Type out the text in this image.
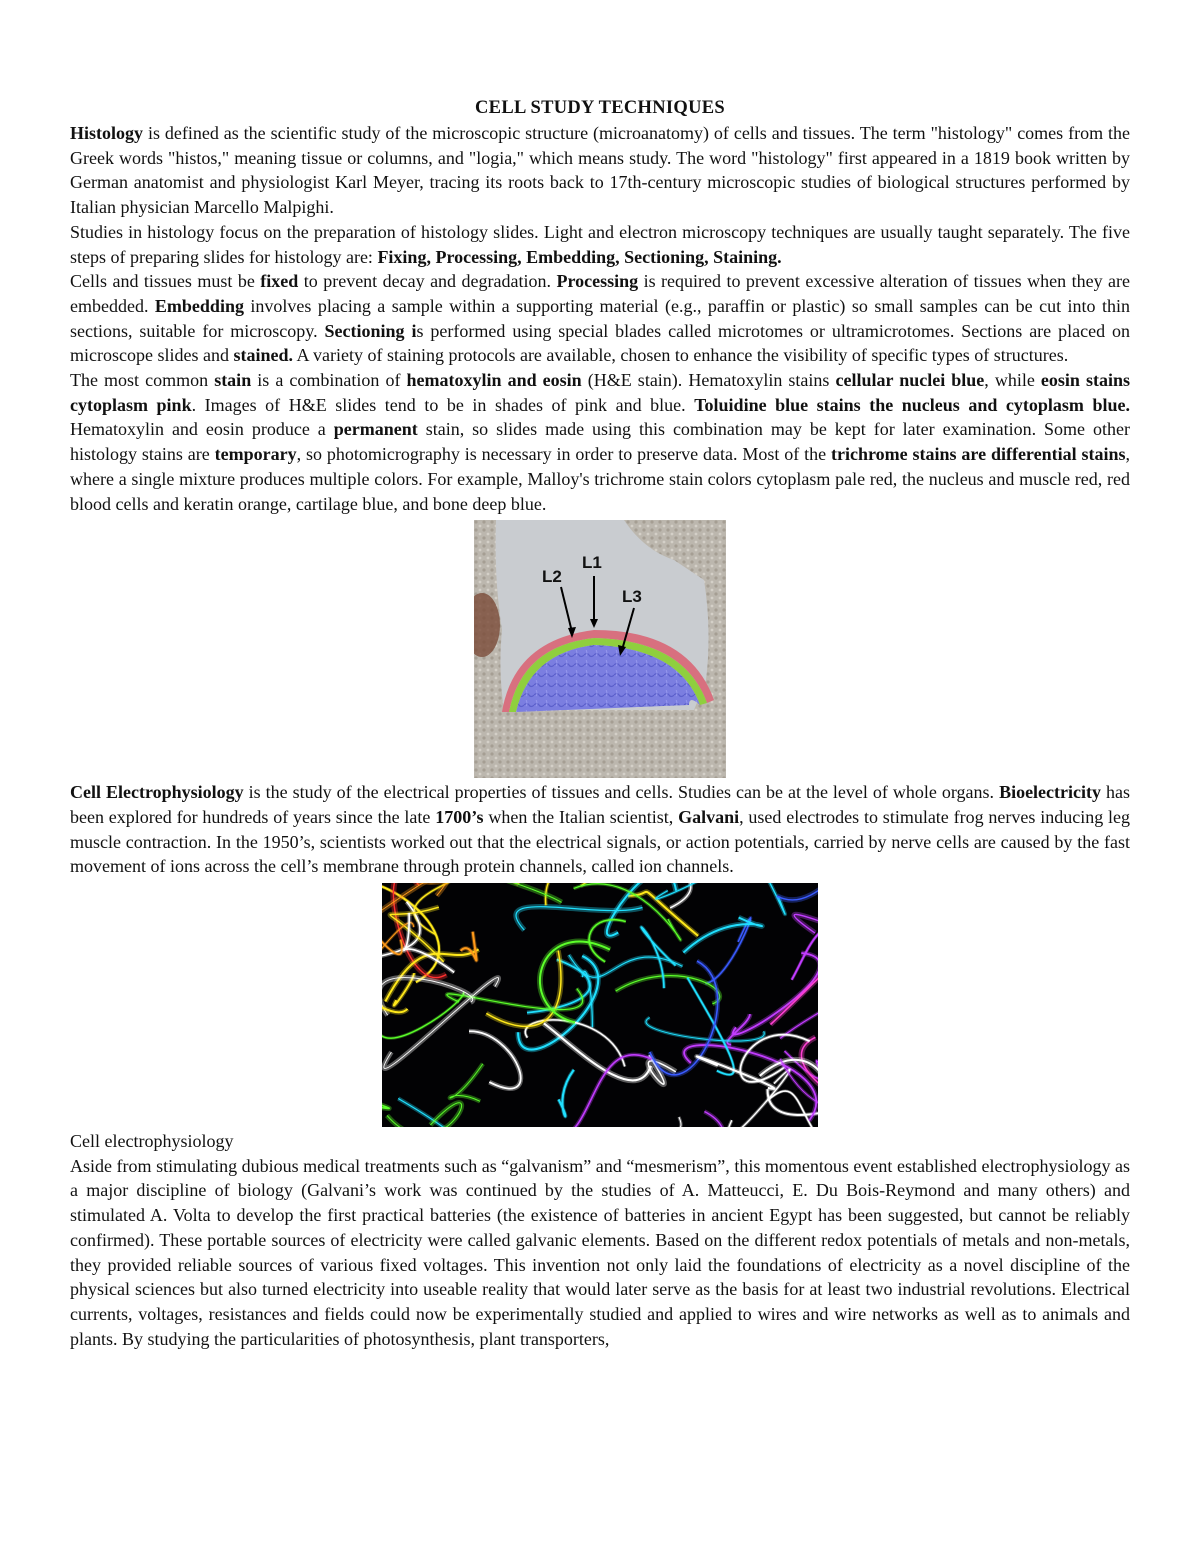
CELL STUDY TECHNIQUES

Histology is defined as the scientific study of the microscopic structure (microanatomy) of cells and tissues. The term "histology" comes from the Greek words "histos," meaning tissue or columns, and "logia," which means study. The word "histology" first appeared in a 1819 book written by German anatomist and physiologist Karl Meyer, tracing its roots back to 17th-century microscopic studies of biological structures performed by Italian physician Marcello Malpighi.

Studies in histology focus on the preparation of histology slides. Light and electron microscopy techniques are usually taught separately. The five steps of preparing slides for histology are: Fixing, Processing, Embedding, Sectioning, Staining.

Cells and tissues must be fixed to prevent decay and degradation. Processing is required to prevent excessive alteration of tissues when they are embedded. Embedding involves placing a sample within a supporting material (e.g., paraffin or plastic) so small samples can be cut into thin sections, suitable for microscopy. Sectioning is performed using special blades called microtomes or ultramicrotomes. Sections are placed on microscope slides and stained. A variety of staining protocols are available, chosen to enhance the visibility of specific types of structures.

The most common stain is a combination of hematoxylin and eosin (H&E stain). Hematoxylin stains cellular nuclei blue, while eosin stains cytoplasm pink. Images of H&E slides tend to be in shades of pink and blue. Toluidine blue stains the nucleus and cytoplasm blue. Hematoxylin and eosin produce a permanent stain, so slides made using this combination may be kept for later examination. Some other histology stains are temporary, so photomicrography is necessary in order to preserve data. Most of the trichrome stains are differential stains, where a single mixture produces multiple colors. For example, Malloy's trichrome stain colors cytoplasm pale red, the nucleus and muscle red, red blood cells and keratin orange, cartilage blue, and bone deep blue.

L2
L1
L3

Cell Electrophysiology is the study of the electrical properties of tissues and cells. Studies can be at the level of whole organs. Bioelectricity has been explored for hundreds of years since the late 1700’s when the Italian scientist, Galvani, used electrodes to stimulate frog nerves inducing leg muscle contraction. In the 1950’s, scientists worked out that the electrical signals, or action potentials, carried by nerve cells are caused by the fast movement of ions across the cell’s membrane through protein channels, called ion channels.

Cell electrophysiology

Aside from stimulating dubious medical treatments such as “galvanism” and “mesmerism”, this momentous event established electrophysiology as a major discipline of biology (Galvani’s work was continued by the studies of A. Matteucci, E. Du Bois-Reymond and many others) and stimulated A. Volta to develop the first practical batteries (the existence of batteries in ancient Egypt has been suggested, but cannot be reliably confirmed). These portable sources of electricity were called galvanic elements. Based on the different redox potentials of metals and non-metals, they provided reliable sources of various fixed voltages. This invention not only laid the foundations of electricity as a novel discipline of the physical sciences but also turned electricity into useable reality that would later serve as the basis for at least two industrial revolutions. Electrical currents, voltages, resistances and fields could now be experimentally studied and applied to wires and wire networks as well as to animals and plants. By studying the particularities of photosynthesis, plant transporters,
